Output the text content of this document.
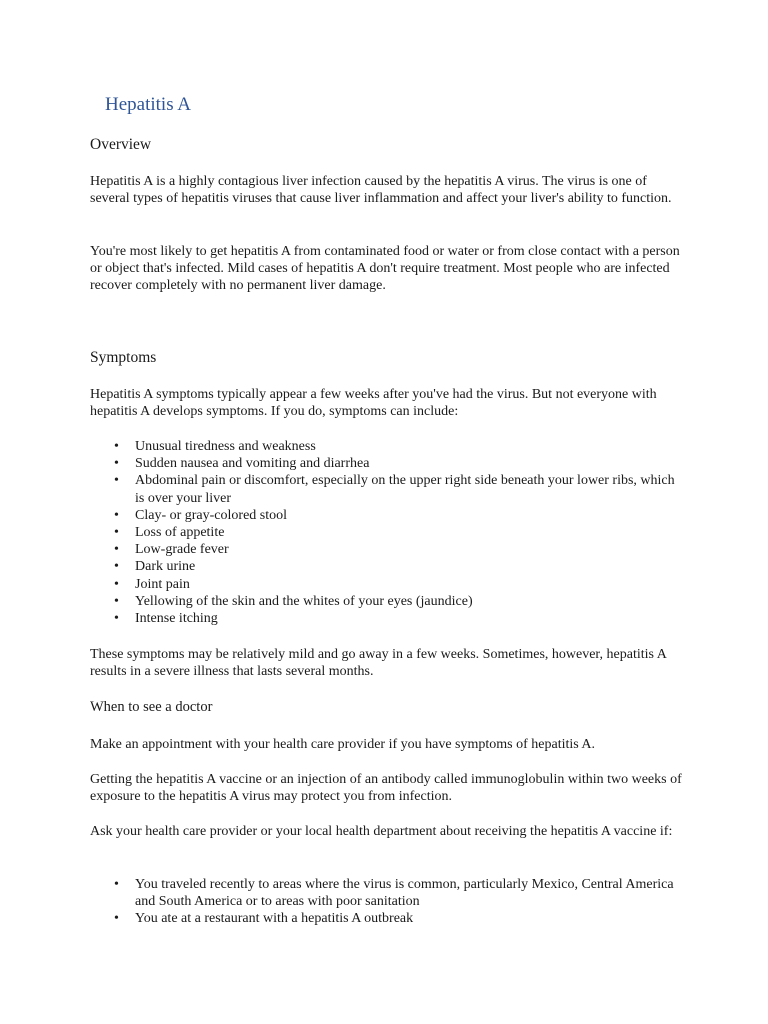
Hepatitis A
Overview

Hepatitis A is a highly contagious liver infection caused by the hepatitis A virus. The virus is one of several types of hepatitis viruses that cause liver inflammation and affect your liver's ability to function.

You're most likely to get hepatitis A from contaminated food or water or from close contact with a person or object that's infected. Mild cases of hepatitis A don't require treatment. Most people who are infected recover completely with no permanent liver damage.

Symptoms

Hepatitis A symptoms typically appear a few weeks after you've had the virus. But not everyone with hepatitis A develops symptoms. If you do, symptoms can include:

• Unusual tiredness and weakness
• Sudden nausea and vomiting and diarrhea
• Abdominal pain or discomfort, especially on the upper right side beneath your lower ribs, which is over your liver
• Clay- or gray-colored stool
• Loss of appetite
• Low-grade fever
• Dark urine
• Joint pain
• Yellowing of the skin and the whites of your eyes (jaundice)
• Intense itching

These symptoms may be relatively mild and go away in a few weeks. Sometimes, however, hepatitis A results in a severe illness that lasts several months.

When to see a doctor

Make an appointment with your health care provider if you have symptoms of hepatitis A.

Getting the hepatitis A vaccine or an injection of an antibody called immunoglobulin within two weeks of exposure to the hepatitis A virus may protect you from infection.

Ask your health care provider or your local health department about receiving the hepatitis A vaccine if:

• You traveled recently to areas where the virus is common, particularly Mexico, Central America and South America or to areas with poor sanitation
• You ate at a restaurant with a hepatitis A outbreak
